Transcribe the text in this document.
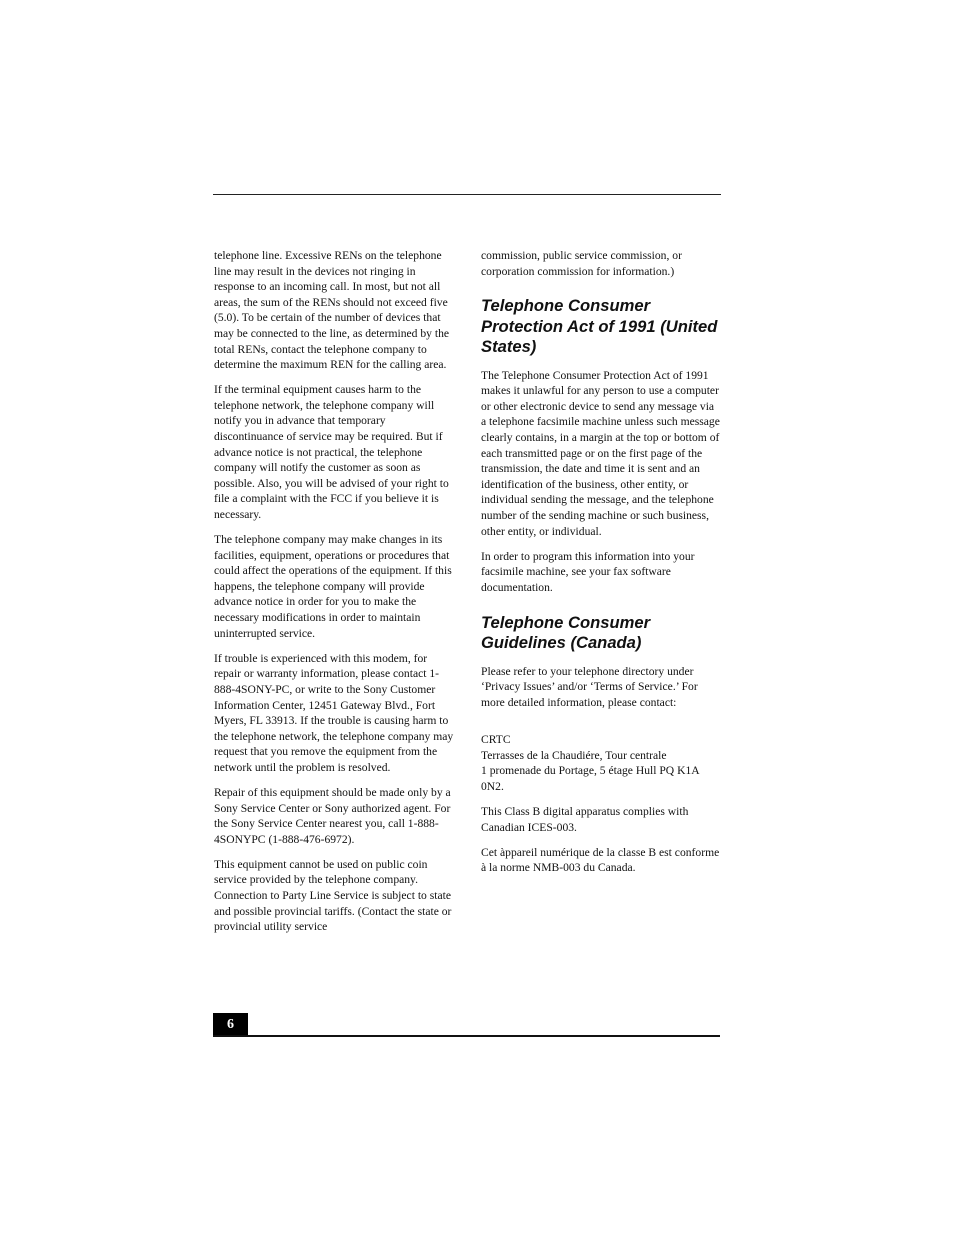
telephone line. Excessive RENs on the telephone line may result in the devices not ringing in response to an incoming call. In most, but not all areas, the sum of the RENs should not exceed five (5.0). To be certain of the number of devices that may be connected to the line, as determined by the total RENs, contact the telephone company to determine the maximum REN for the calling area.

If the terminal equipment causes harm to the telephone network, the telephone company will notify you in advance that temporary discontinuance of service may be required. But if advance notice is not practical, the telephone company will notify the customer as soon as possible. Also, you will be advised of your right to file a complaint with the FCC if you believe it is necessary.

The telephone company may make changes in its facilities, equipment, operations or procedures that could affect the operations of the equipment. If this happens, the telephone company will provide advance notice in order for you to make the necessary modifications in order to maintain uninterrupted service.

If trouble is experienced with this modem, for repair or warranty information, please contact 1-888-4SONY-PC, or write to the Sony Customer Information Center, 12451 Gateway Blvd., Fort Myers, FL 33913. If the trouble is causing harm to the telephone network, the telephone company may request that you remove the equipment from the network until the problem is resolved.

Repair of this equipment should be made only by a Sony Service Center or Sony authorized agent. For the Sony Service Center nearest you, call 1-888-4SONYPC (1-888-476-6972).

This equipment cannot be used on public coin service provided by the telephone company. Connection to Party Line Service is subject to state and possible provincial tariffs. (Contact the state or provincial utility service

commission, public service commission, or corporation commission for information.)

Telephone Consumer Protection Act of 1991 (United States)

The Telephone Consumer Protection Act of 1991 makes it unlawful for any person to use a computer or other electronic device to send any message via a telephone facsimile machine unless such message clearly contains, in a margin at the top or bottom of each transmitted page or on the first page of the transmission, the date and time it is sent and an identification of the business, other entity, or individual sending the message, and the telephone number of the sending machine or such business, other entity, or individual.

In order to program this information into your facsimile machine, see your fax software documentation.

Telephone Consumer Guidelines (Canada)

Please refer to your telephone directory under ‘Privacy Issues’ and/or ‘Terms of Service.’ For more detailed information, please contact:

CRTC
Terrasses de la Chaudiére, Tour centrale
1 promenade du Portage, 5 étage Hull PQ K1A 0N2.

This Class B digital apparatus complies with Canadian ICES-003.

Cet àppareil numérique de la classe B est conforme à la norme NMB-003 du Canada.

6
